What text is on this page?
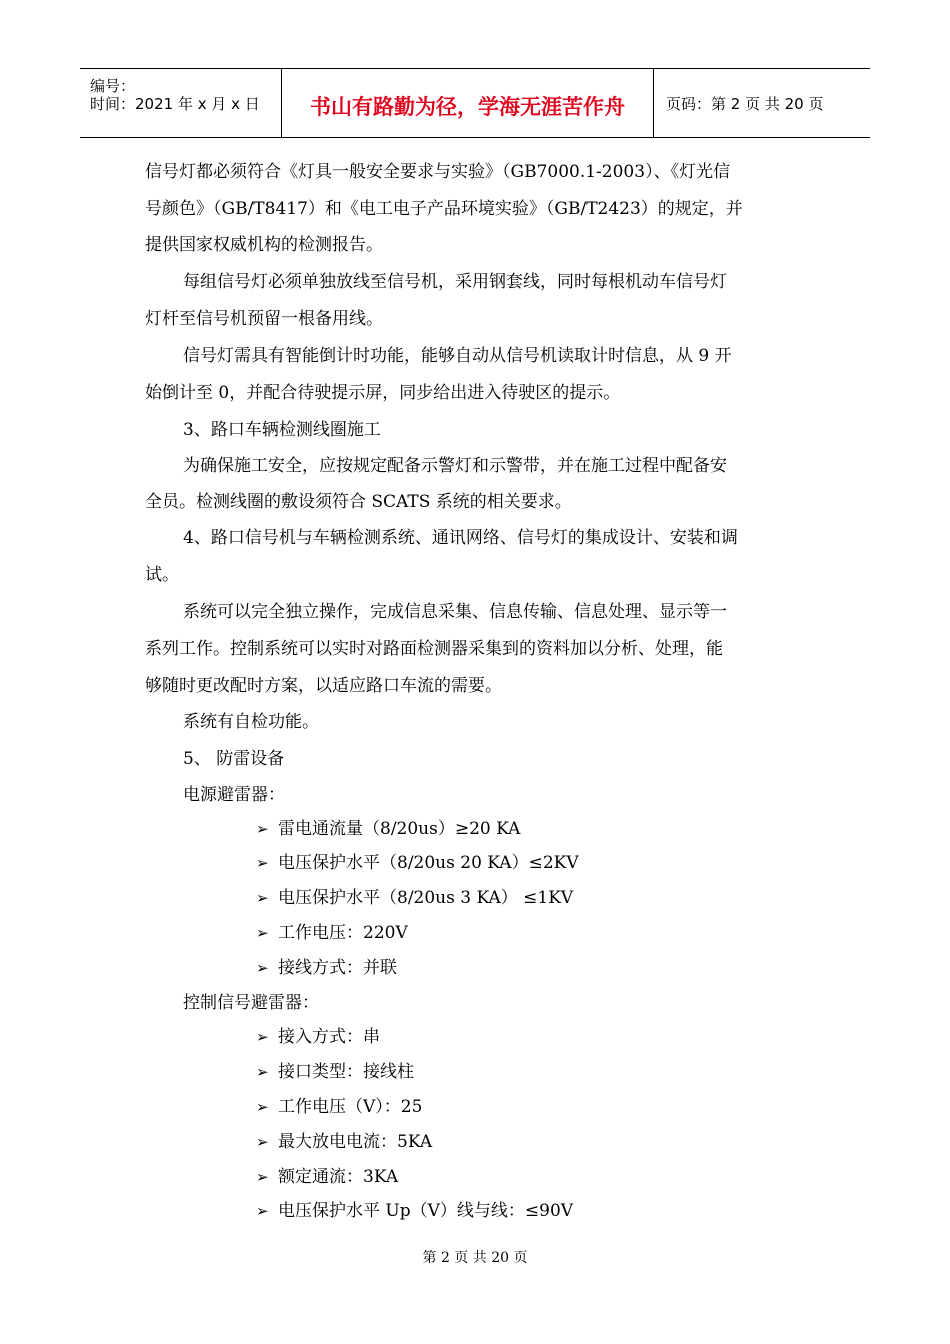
编号：
时间：2021 年 x 月 x 日	书山有路勤为径，学海无涯苦作舟	页码：第 2 页 共 20 页
信号灯都必须符合《灯具一般安全要求与实验》（GB7000.1-2003）、《灯光信
号颜色》（GB/T8417）和《电工电子产品环境实验》（GB/T2423）的规定，并
提供国家权威机构的检测报告。
每组信号灯必须单独放线至信号机，采用钢套线，同时每根机动车信号灯
灯杆至信号机预留一根备用线。
信号灯需具有智能倒计时功能，能够自动从信号机读取计时信息，从 9 开
始倒计至 0，并配合待驶提示屏，同步给出进入待驶区的提示。
3、路口车辆检测线圈施工
为确保施工安全，应按规定配备示警灯和示警带，并在施工过程中配备安
全员。检测线圈的敷设须符合 SCATS 系统的相关要求。
4、路口信号机与车辆检测系统、通讯网络、信号灯的集成设计、安装和调
试。
系统可以完全独立操作，完成信息采集、信息传输、信息处理、显示等一
系列工作。控制系统可以实时对路面检测器采集到的资料加以分析、处理，能
够随时更改配时方案，以适应路口车流的需要。
系统有自检功能。
5、 防雷设备
电源避雷器：
➢ 雷电通流量（8/20us）≥20 KA
➢ 电压保护水平（8/20us 20 KA）≤2KV
➢ 电压保护水平（8/20us 3 KA） ≤1KV
➢ 工作电压：220V
➢ 接线方式：并联
控制信号避雷器：
➢ 接入方式：串
➢ 接口类型：接线柱
➢ 工作电压（V）：25
➢ 最大放电电流：5KA
➢ 额定通流：3KA
➢ 电压保护水平 Up（V）线与线：≤90V
第 2 页 共 20 页
